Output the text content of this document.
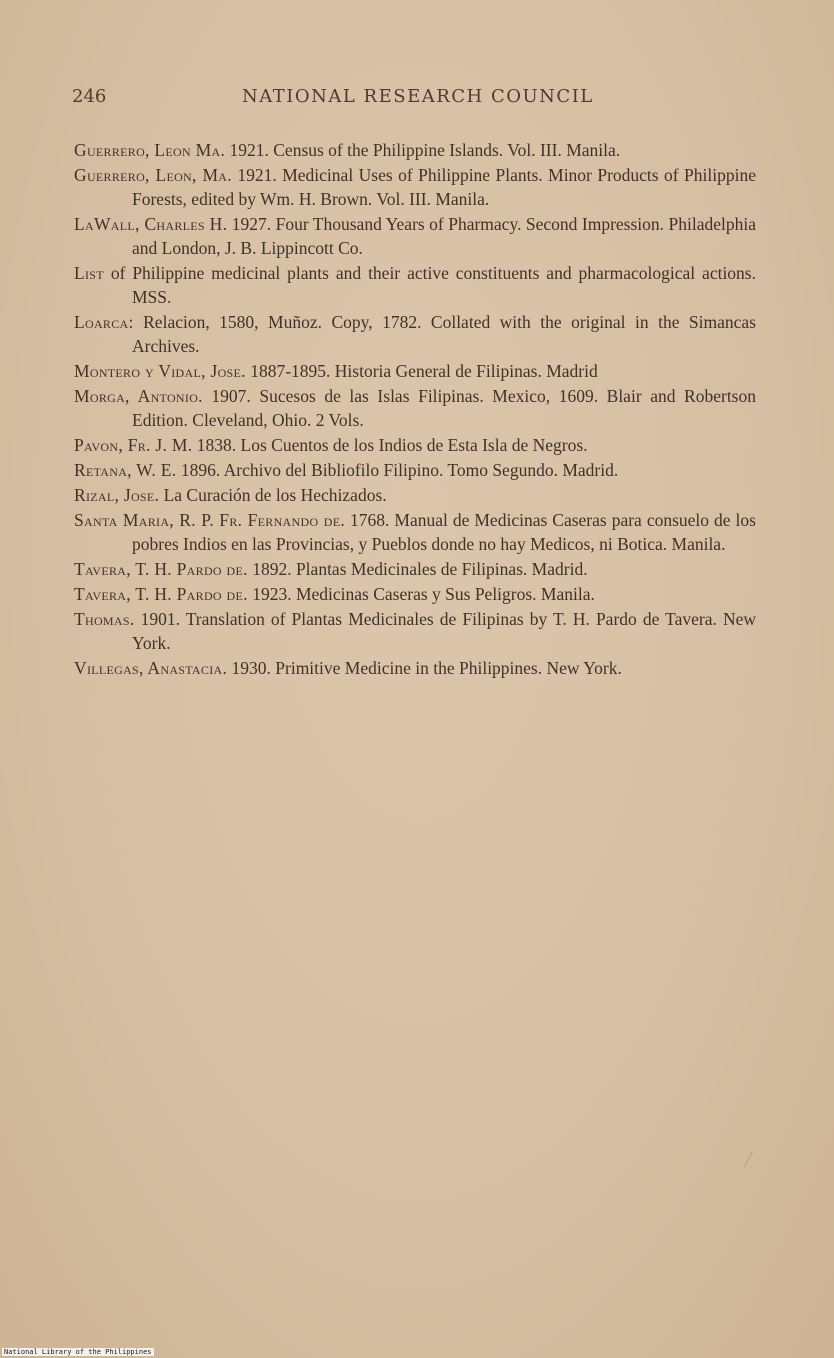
246	NATIONAL RESEARCH COUNCIL

Guerrero, Leon Ma. 1921. Census of the Philippine Islands. Vol. III. Manila.

Guerrero, Leon, Ma. 1921. Medicinal Uses of Philippine Plants. Minor Products of Philippine Forests, edited by Wm. H. Brown. Vol. III. Manila.

LaWall, Charles H. 1927. Four Thousand Years of Pharmacy. Second Impression. Philadelphia and London, J. B. Lippincott Co.

List of Philippine medicinal plants and their active constituents and pharmacological actions. MSS.

Loarca: Relacion, 1580, Muñoz. Copy, 1782. Collated with the original in the Simancas Archives.

Montero y Vidal, Jose. 1887-1895. Historia General de Filipinas. Madrid

Morga, Antonio. 1907. Sucesos de las Islas Filipinas. Mexico, 1609. Blair and Robertson Edition. Cleveland, Ohio. 2 Vols.

Pavon, Fr. J. M. 1838. Los Cuentos de los Indios de Esta Isla de Negros.

Retana, W. E. 1896. Archivo del Bibliofilo Filipino. Tomo Segundo. Madrid.

Rizal, Jose. La Curación de los Hechizados.

Santa Maria, R. P. Fr. Fernando de. 1768. Manual de Medicinas Caseras para consuelo de los pobres Indios en las Provincias, y Pueblos donde no hay Medicos, ni Botica. Manila.

Tavera, T. H. Pardo de. 1892. Plantas Medicinales de Filipinas. Madrid.

Tavera, T. H. Pardo de. 1923. Medicinas Caseras y Sus Peligros. Manila.

Thomas. 1901. Translation of Plantas Medicinales de Filipinas by T. H. Pardo de Tavera. New York.

Villegas, Anastacia. 1930. Primitive Medicine in the Philippines. New York.

National Library of the Philippines
